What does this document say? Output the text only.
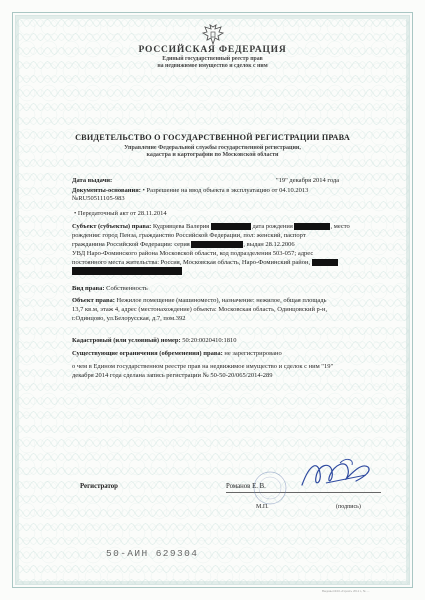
РОССИЙСКАЯ ФЕДЕРАЦИЯ
Единый государственный реестр прав
на недвижимое имущество и сделок с ним
СВИДЕТЕЛЬСТВО О ГОСУДАРСТВЕННОЙ РЕГИСТРАЦИИ ПРАВА
Управление Федеральной службы государственной регистрации,
кадастра и картографии по Московской области
Дата выдачи:	"19" декабря 2014 года
Документы-основания: • Разрешение на ввод объекта в эксплуатацию от 04.10.2013
№RU50511105-983
• Передаточный акт от 28.11.2014
Субъект (субъекты) права: Кудрявцева Валерия	дата рождения	, место
рождения: город Пенза, гражданство Российской Федерации, пол: женский, паспорт
гражданина Российской Федерации: серия	, выдан 28.12.2006
УВД Наро-Фоминского района Московской области, код подразделения 503-057; адрес
постоянного места жительства: Россия, Московская область, Наро-Фоминский район,
Вид права: Собственность
Объект права: Нежилое помещение (машиноместо), назначение: нежилое, общая площадь
13,7 кв.м, этаж 4, адрес (местонахождение) объекта: Московская область, Одинцовский р-н,
г.Одинцово, ул.Белорусская, д.7, пом.392
Кадастровый (или условный) номер: 50:20:0020410:1810
Существующие ограничения (обременения) права: не зарегистрировано
о чем в Едином государственном реестре прав на недвижимое имущество и сделок с ним "19"
декабря 2014 года сделана запись регистрации № 50-50-20/065/2014-289
Регистратор	Романов Е. В.
М.П.	(подпись)
50-АИН 629304
Выданы ООО «Гарант» 2014 г., № …
